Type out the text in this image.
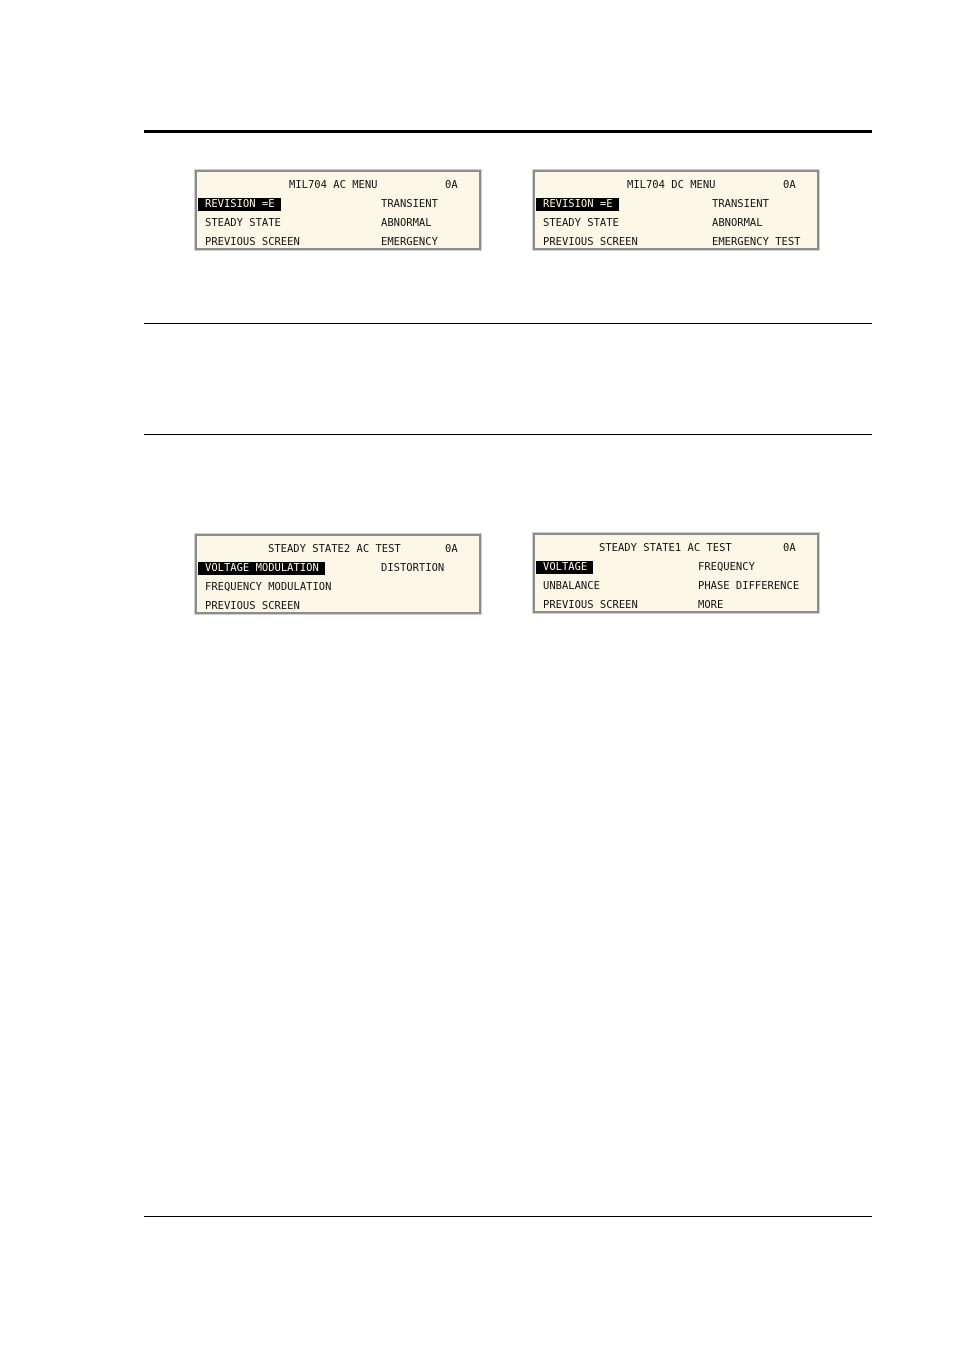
MIL704 AC MENU	0A
REVISION =E	TRANSIENT
STEADY STATE	ABNORMAL
PREVIOUS SCREEN	EMERGENCY
MIL704 DC MENU	0A
REVISION =E	TRANSIENT
STEADY STATE	ABNORMAL
PREVIOUS SCREEN	EMERGENCY TEST
STEADY STATE2 AC TEST	0A
VOLTAGE MODULATION	DISTORTION
FREQUENCY MODULATION
PREVIOUS SCREEN
STEADY STATE1 AC TEST	0A
VOLTAGE	FREQUENCY
UNBALANCE	PHASE DIFFERENCE
PREVIOUS SCREEN	MORE
